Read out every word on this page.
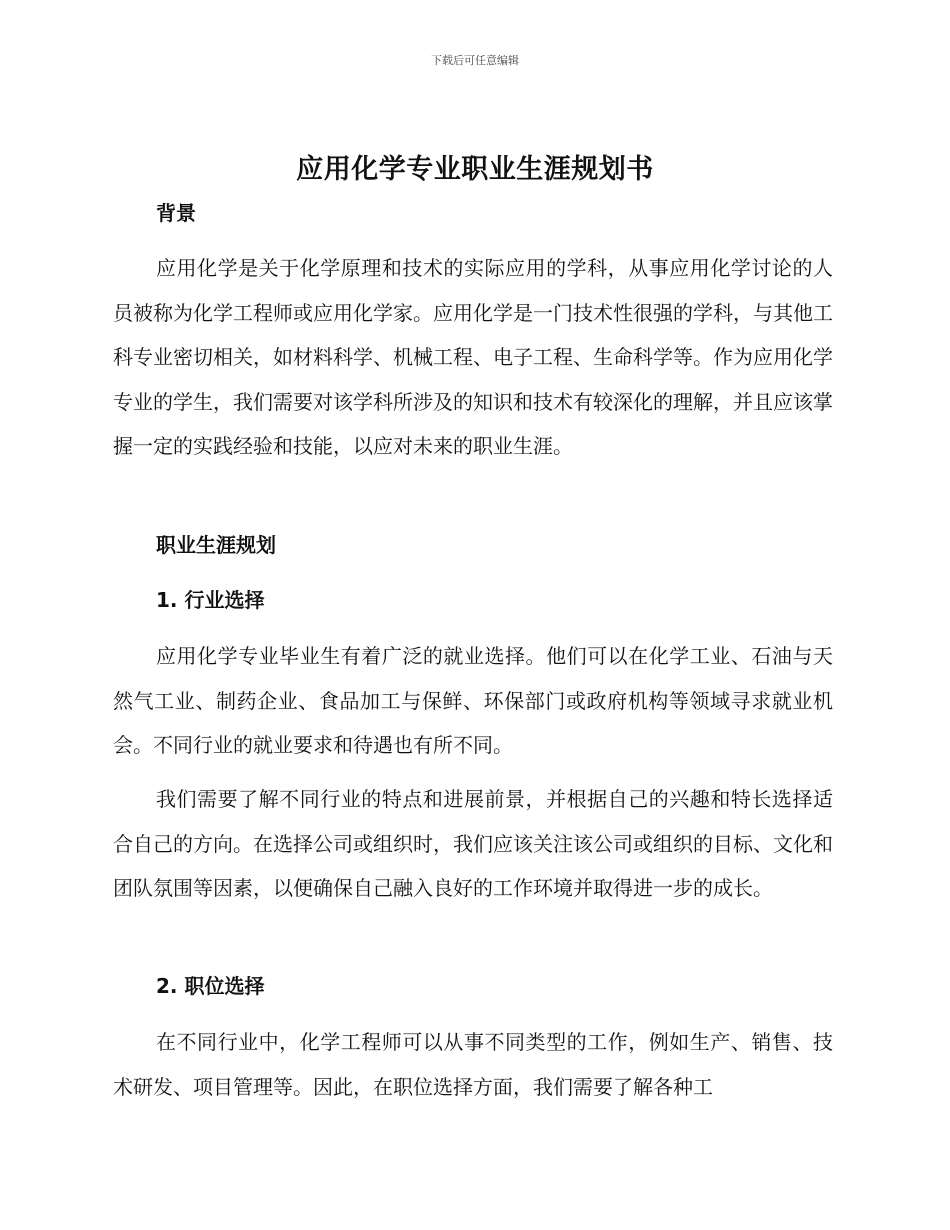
下载后可任意编辑
应用化学专业职业生涯规划书
背景

应用化学是关于化学原理和技术的实际应用的学科，从事应用化学讨论的人员被称为化学工程师或应用化学家。应用化学是一门技术性很强的学科，与其他工科专业密切相关，如材料科学、机械工程、电子工程、生命科学等。作为应用化学专业的学生，我们需要对该学科所涉及的知识和技术有较深化的理解，并且应该掌握一定的实践经验和技能，以应对未来的职业生涯。

职业生涯规划
1. 行业选择

应用化学专业毕业生有着广泛的就业选择。他们可以在化学工业、石油与天然气工业、制药企业、食品加工与保鲜、环保部门或政府机构等领域寻求就业机会。不同行业的就业要求和待遇也有所不同。

我们需要了解不同行业的特点和进展前景，并根据自己的兴趣和特长选择适合自己的方向。在选择公司或组织时，我们应该关注该公司或组织的目标、文化和团队氛围等因素，以便确保自己融入良好的工作环境并取得进一步的成长。

2. 职位选择

在不同行业中，化学工程师可以从事不同类型的工作，例如生产、销售、技术研发、项目管理等。因此，在职位选择方面，我们需要了解各种工
